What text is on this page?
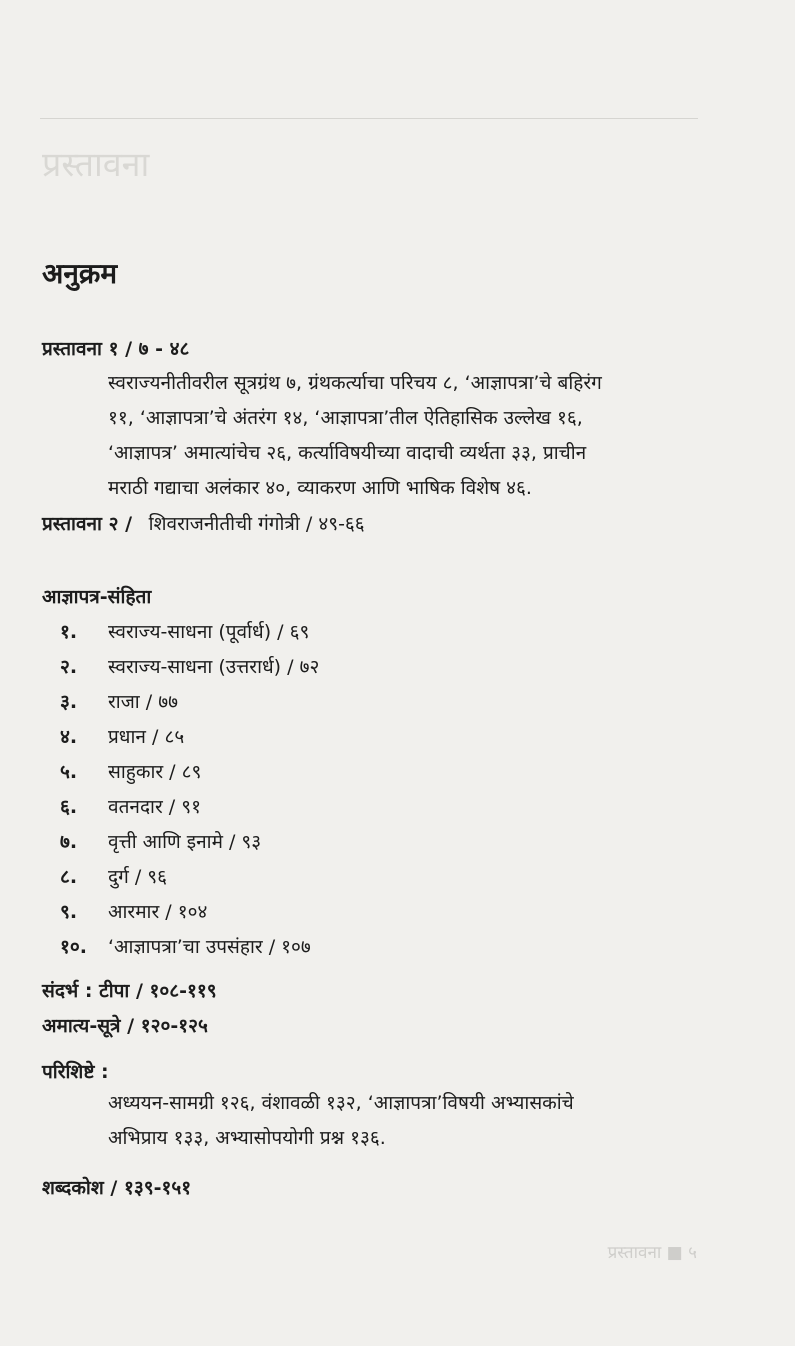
प्रस्तावना
अनुक्रम
प्रस्तावना १ / ७ - ४८
स्वराज्यनीतीवरील सूत्रग्रंथ ७, ग्रंथकर्त्याचा परिचय ८, ‘आज्ञापत्रा’चे बहिरंग
११, ‘आज्ञापत्रा’चे अंतरंग १४, ‘आज्ञापत्रा’तील ऐतिहासिक उल्लेख १६,
‘आज्ञापत्र’ अमात्यांचेच २६, कर्त्याविषयीच्या वादाची व्यर्थता ३३, प्राचीन
मराठी गद्याचा अलंकार ४०, व्याकरण आणि भाषिक विशेष ४६.
प्रस्तावना २ / शिवराजनीतीची गंगोत्री / ४९-६६
आज्ञापत्र-संहिता
१. स्वराज्य-साधना (पूर्वार्ध) / ६९
२. स्वराज्य-साधना (उत्तरार्ध) / ७२
३. राजा / ७७
४. प्रधान / ८५
५. साहुकार / ८९
६. वतनदार / ९१
७. वृत्ती आणि इनामे / ९३
८. दुर्ग / ९६
९. आरमार / १०४
१०. ‘आज्ञापत्रा’चा उपसंहार / १०७
संदर्भ : टीपा / १०८-११९
अमात्य-सूत्रे / १२०-१२५
परिशिष्टे :
अध्ययन-सामग्री १२६, वंशावळी १३२, ‘आज्ञापत्रा’विषयी अभ्यासकांचे
अभिप्राय १३३, अभ्यासोपयोगी प्रश्न १३६.
शब्दकोश / १३९-१५१
प्रस्तावना ■ ५
